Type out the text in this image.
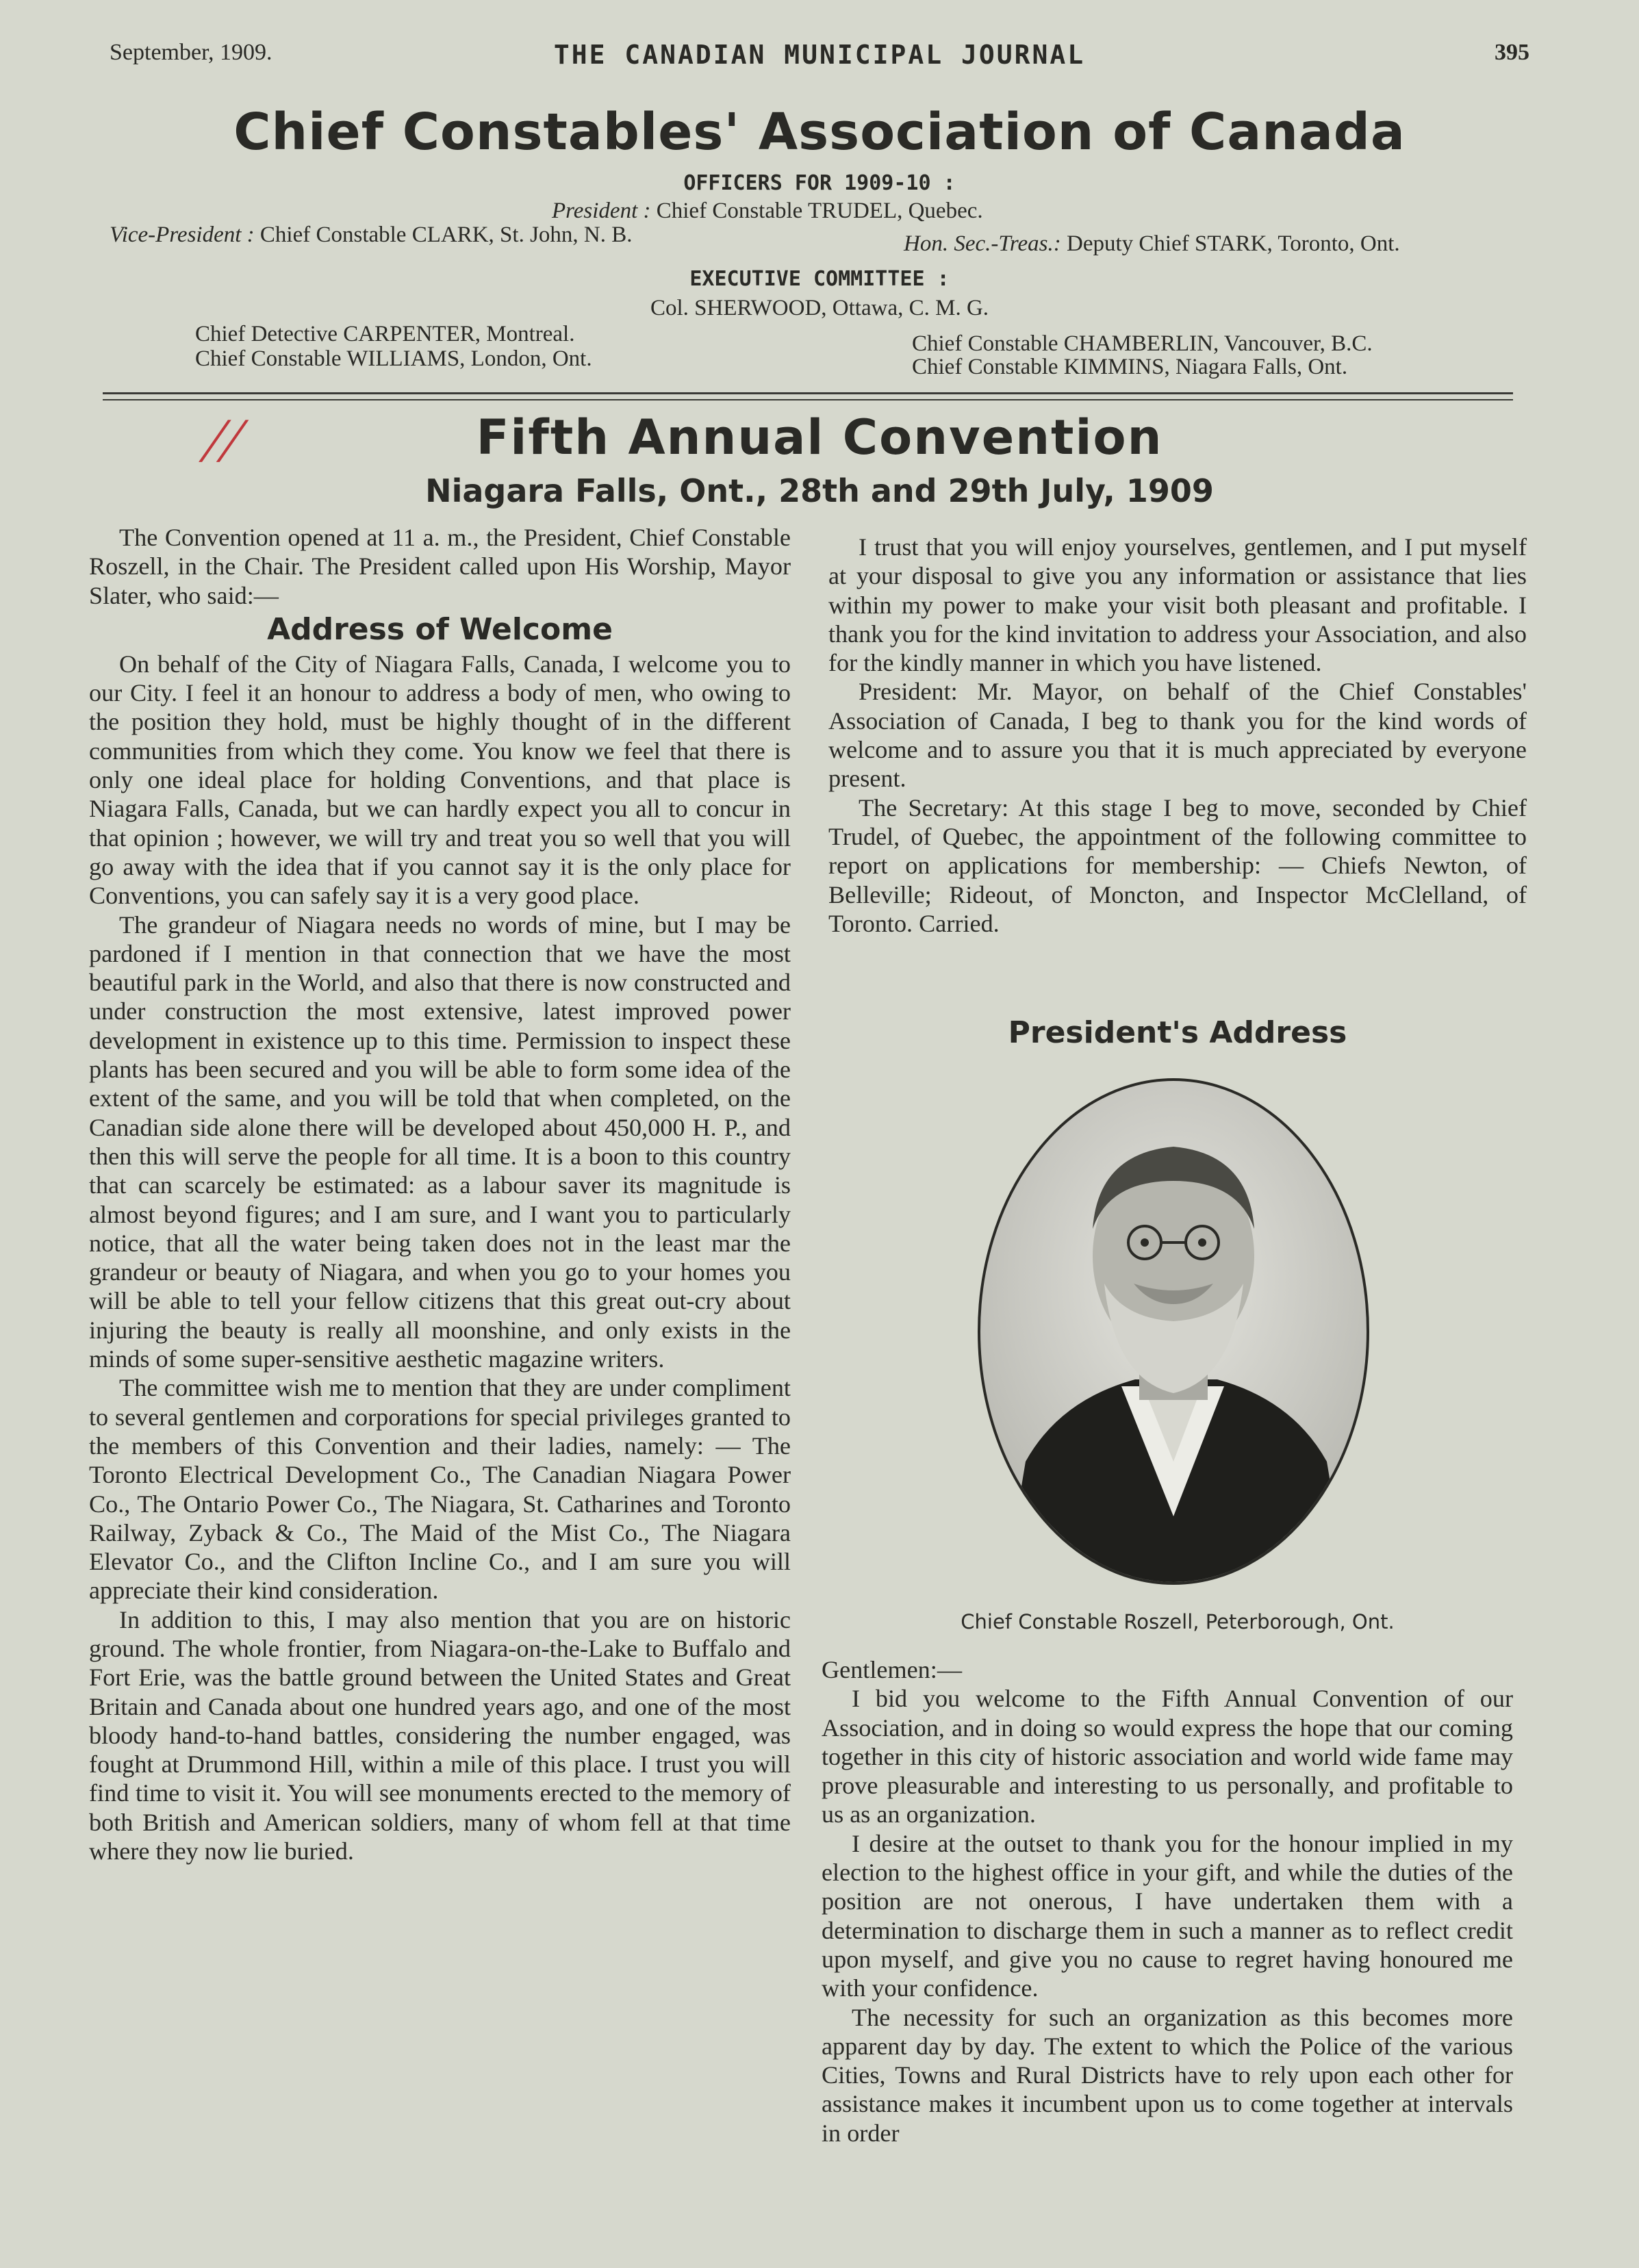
September, 1909.	THE CANADIAN MUNICIPAL JOURNAL	395
Chief Constables' Association of Canada
OFFICERS FOR 1909-10 :
President : Chief Constable TRUDEL, Quebec.
Vice-President : Chief Constable CLARK, St. John, N. B.	Hon. Sec.-Treas.: Deputy Chief STARK, Toronto, Ont.
EXECUTIVE COMMITTEE :
Col. SHERWOOD, Ottawa, C. M. G.
Chief Detective CARPENTER, Montreal.
Chief Constable WILLIAMS, London, Ont.
Chief Constable CHAMBERLIN, Vancouver, B.C.
Chief Constable KIMMINS, Niagara Falls, Ont.
//	Fifth Annual Convention
Niagara Falls, Ont., 28th and 29th July, 1909

The Convention opened at 11 a. m., the President, Chief Constable Roszell, in the Chair. The President called upon His Worship, Mayor Slater, who said:—

Address of Welcome

On behalf of the City of Niagara Falls, Canada, I welcome you to our City. I feel it an honour to address a body of men, who owing to the position they hold, must be highly thought of in the different communities from which they come. You know we feel that there is only one ideal place for holding Conventions, and that place is Niagara Falls, Canada, but we can hardly expect you all to concur in that opinion ; however, we will try and treat you so well that you will go away with the idea that if you cannot say it is the only place for Conventions, you can safely say it is a very good place.

The grandeur of Niagara needs no words of mine, but I may be pardoned if I mention in that connection that we have the most beautiful park in the World, and also that there is now constructed and under construction the most extensive, latest improved power development in existence up to this time. Permission to inspect these plants has been secured and you will be able to form some idea of the extent of the same, and you will be told that when completed, on the Canadian side alone there will be developed about 450,000 H. P., and then this will serve the people for all time. It is a boon to this country that can scarcely be estimated: as a labour saver its magnitude is almost beyond figures; and I am sure, and I want you to particularly notice, that all the water being taken does not in the least mar the grandeur or beauty of Niagara, and when you go to your homes you will be able to tell your fellow citizens that this great out-cry about injuring the beauty is really all moonshine, and only exists in the minds of some super-sensitive aesthetic magazine writers.

The committee wish me to mention that they are under compliment to several gentlemen and corporations for special privileges granted to the members of this Convention and their ladies, namely: — The Toronto Electrical Development Co., The Canadian Niagara Power Co., The Ontario Power Co., The Niagara, St. Catharines and Toronto Railway, Zyback & Co., The Maid of the Mist Co., The Niagara Elevator Co., and the Clifton Incline Co., and I am sure you will appreciate their kind consideration.

In addition to this, I may also mention that you are on historic ground. The whole frontier, from Niagara-on-the-Lake to Buffalo and Fort Erie, was the battle ground between the United States and Great Britain and Canada about one hundred years ago, and one of the most bloody hand-to-hand battles, considering the number engaged, was fought at Drummond Hill, within a mile of this place. I trust you will find time to visit it. You will see monuments erected to the memory of both British and American soldiers, many of whom fell at that time where they now lie buried.

I trust that you will enjoy yourselves, gentlemen, and I put myself at your disposal to give you any information or assistance that lies within my power to make your visit both pleasant and profitable. I thank you for the kind invitation to address your Association, and also for the kindly manner in which you have listened.

President: Mr. Mayor, on behalf of the Chief Constables' Association of Canada, I beg to thank you for the kind words of welcome and to assure you that it is much appreciated by everyone present.

The Secretary: At this stage I beg to move, seconded by Chief Trudel, of Quebec, the appointment of the following committee to report on applications for membership: — Chiefs Newton, of Belleville; Rideout, of Moncton, and Inspector McClelland, of Toronto. Carried.

President's Address
Chief Constable Roszell, Peterborough, Ont.

Gentlemen:—

I bid you welcome to the Fifth Annual Convention of our Association, and in doing so would express the hope that our coming together in this city of historic association and world wide fame may prove pleasurable and interesting to us personally, and profitable to us as an organization.

I desire at the outset to thank you for the honour implied in my election to the highest office in your gift, and while the duties of the position are not onerous, I have undertaken them with a determination to discharge them in such a manner as to reflect credit upon myself, and give you no cause to regret having honoured me with your confidence.

The necessity for such an organization as this becomes more apparent day by day. The extent to which the Police of the various Cities, Towns and Rural Districts have to rely upon each other for assistance makes it incumbent upon us to come together at intervals in order
